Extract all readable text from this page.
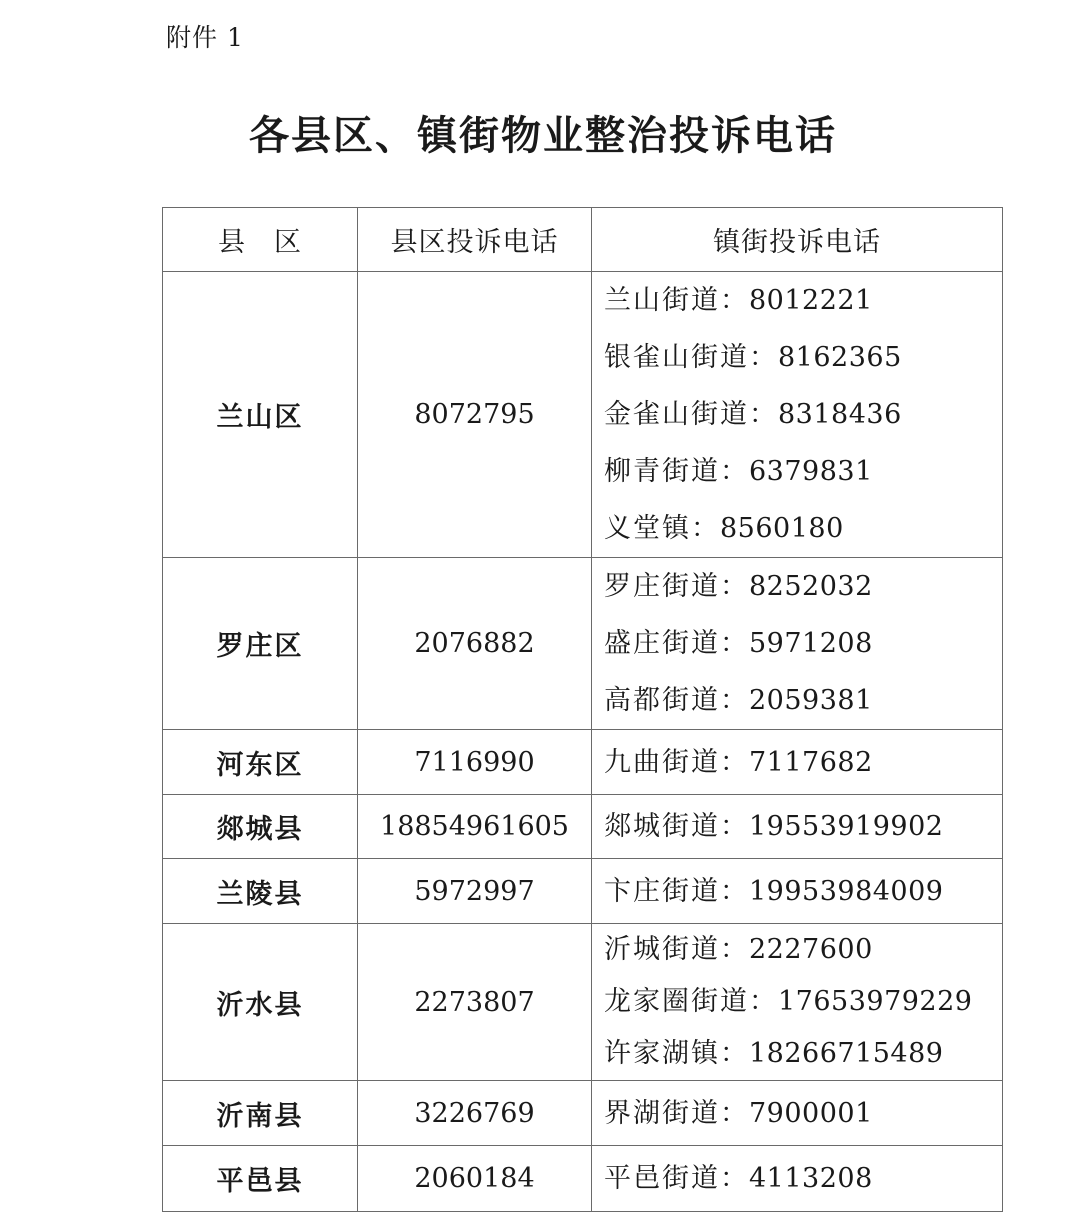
附件 1
各县区、镇街物业整治投诉电话
县　区	县区投诉电话	镇街投诉电话
兰山区	8072795	兰山街道：8012221
银雀山街道：8162365
金雀山街道：8318436
柳青街道：6379831
义堂镇：8560180

罗庄区	2076882	罗庄街道：8252032
盛庄街道：5971208
高都街道：2059381

河东区	7116990	九曲街道：7117682

郯城县	18854961605	郯城街道：19553919902

兰陵县	5972997	卞庄街道：19953984009

沂水县	2273807	沂城街道：2227600
龙家圈街道：17653979229
许家湖镇：18266715489

沂南县	3226769	界湖街道：7900001

平邑县	2060184	平邑街道：4113208
